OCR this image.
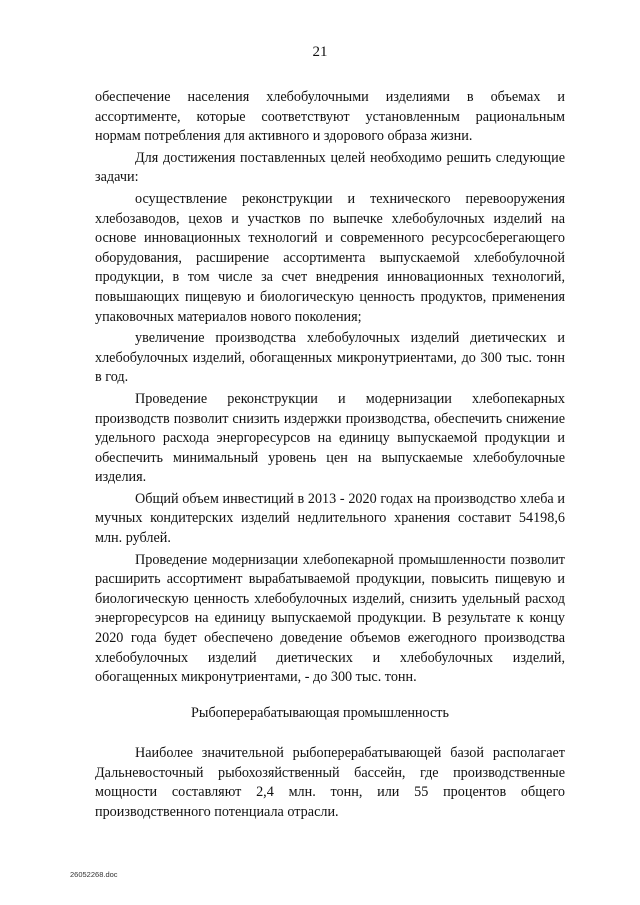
21

обеспечение населения хлебобулочными изделиями в объемах и ассортименте, которые соответствуют установленным рациональным нормам потребления для активного и здорового образа жизни.

Для достижения поставленных целей необходимо решить следующие задачи:

осуществление реконструкции и технического перевооружения хлебозаводов, цехов и участков по выпечке хлебобулочных изделий на основе инновационных технологий и современного ресурсосберегающего оборудования, расширение ассортимента выпускаемой хлебобулочной продукции, в том числе за счет внедрения инновационных технологий, повышающих пищевую и биологическую ценность продуктов, применения упаковочных материалов нового поколения;

увеличение производства хлебобулочных изделий диетических и хлебобулочных изделий, обогащенных микронутриентами, до 300 тыс. тонн в год.

Проведение реконструкции и модернизации хлебопекарных производств позволит снизить издержки производства, обеспечить снижение удельного расхода энергоресурсов на единицу выпускаемой продукции и обеспечить минимальный уровень цен на выпускаемые хлебобулочные изделия.

Общий объем инвестиций в 2013 - 2020 годах на производство хлеба и мучных кондитерских изделий недлительного хранения составит 54198,6 млн. рублей.

Проведение модернизации хлебопекарной промышленности позволит расширить ассортимент вырабатываемой продукции, повысить пищевую и биологическую ценность хлебобулочных изделий, снизить удельный расход энергоресурсов на единицу выпускаемой продукции. В результате к концу 2020 года будет обеспечено доведение объемов ежегодного производства хлебобулочных изделий диетических и хлебобулочных изделий, обогащенных микронутриентами, - до 300 тыс. тонн.

Рыбоперерабатывающая промышленность

Наиболее значительной рыбоперерабатывающей базой располагает Дальневосточный рыбохозяйственный бассейн, где производственные мощности составляют 2,4 млн. тонн, или 55 процентов общего производственного потенциала отрасли.

26052268.doc
